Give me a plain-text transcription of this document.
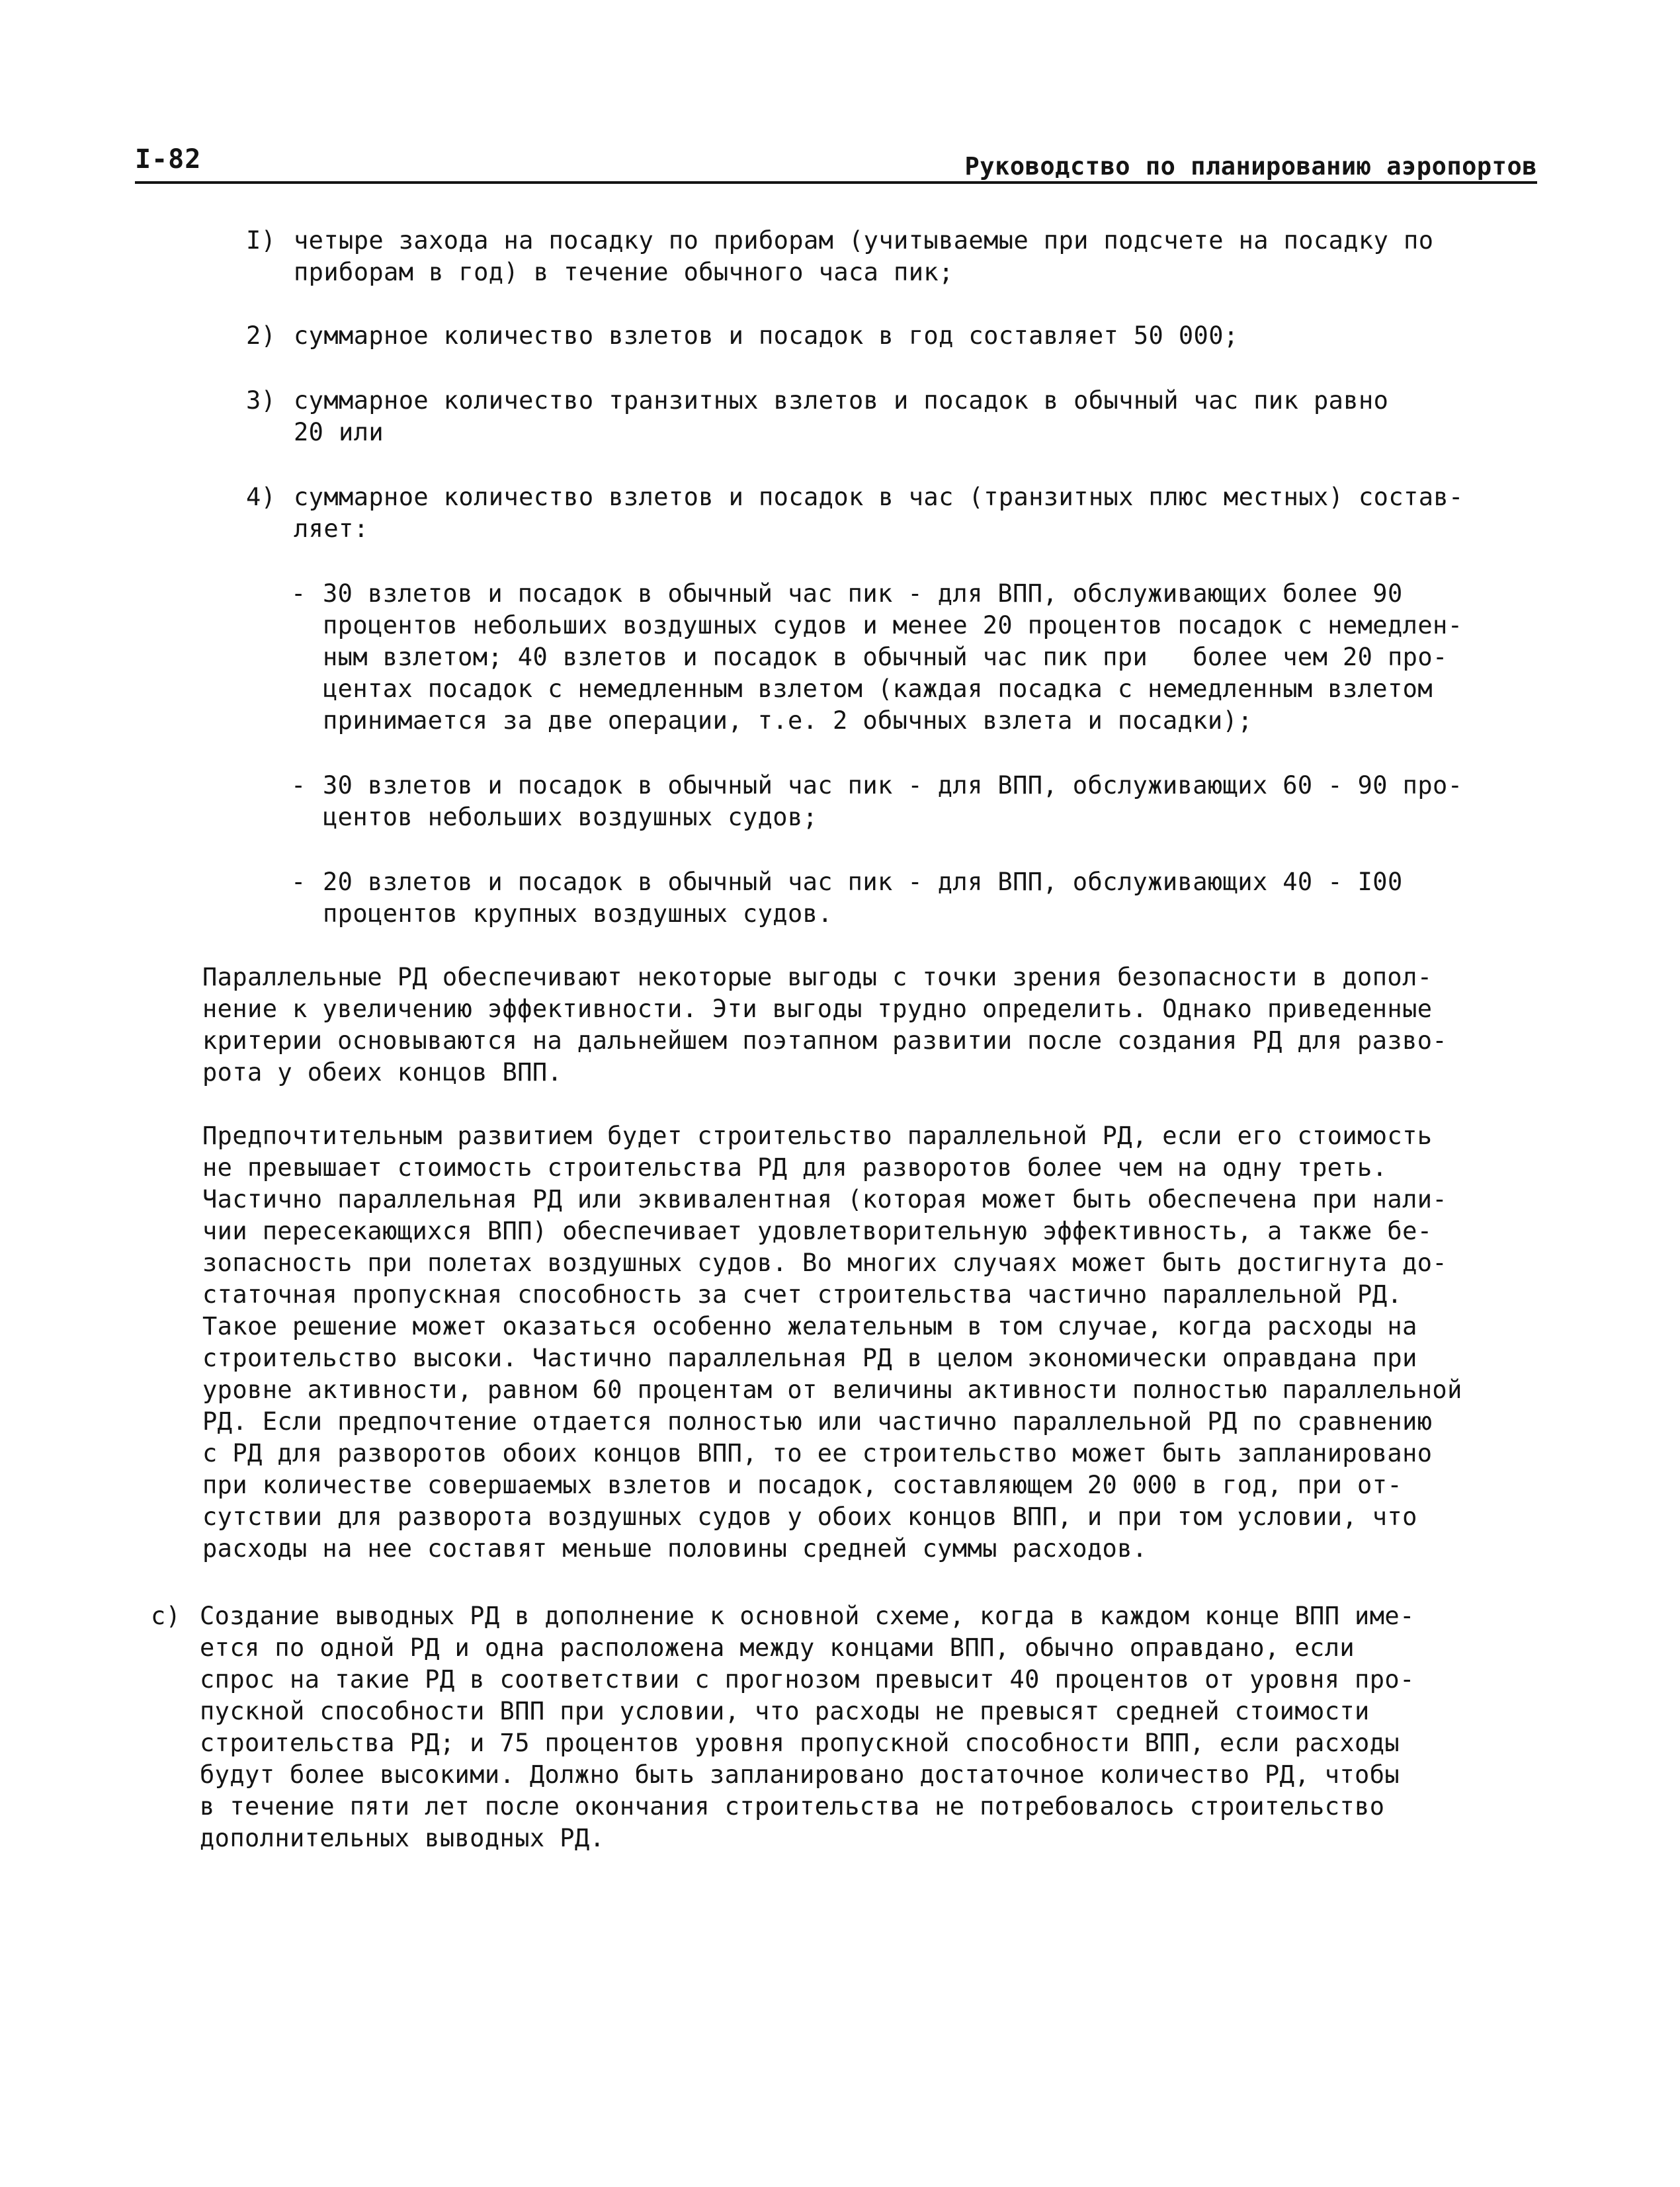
I-82	Руководство по планированию аэропортов
I) четыре захода на посадку по приборам (учитываемые при подсчете на посадку по
приборам в год) в течение обычного часа пик;
2) суммарное количество взлетов и посадок в год составляет 50 000;
3) суммарное количество транзитных взлетов и посадок в обычный час пик равно
20 или
4) суммарное количество взлетов и посадок в час (транзитных плюс местных) состав-
ляет:
- 30 взлетов и посадок в обычный час пик - для ВПП, обслуживающих более 90
процентов небольших воздушных судов и менее 20 процентов посадок с немедлен-
ным взлетом; 40 взлетов и посадок в обычный час пик при   более чем 20 про-
центах посадок с немедленным взлетом (каждая посадка с немедленным взлетом
принимается за две операции, т.е. 2 обычных взлета и посадки);
- 30 взлетов и посадок в обычный час пик - для ВПП, обслуживающих 60 - 90 про-
центов небольших воздушных судов;
- 20 взлетов и посадок в обычный час пик - для ВПП, обслуживающих 40 - I00
процентов крупных воздушных судов.
Параллельные РД обеспечивают некоторые выгоды с точки зрения безопасности в допол-
нение к увеличению эффективности. Эти выгоды трудно определить. Однако приведенные
критерии основываются на дальнейшем поэтапном развитии после создания РД для разво-
рота у обеих концов ВПП.
Предпочтительным развитием будет строительство параллельной РД, если его стоимость
не превышает стоимость строительства РД для разворотов более чем на одну треть.
Частично параллельная РД или эквивалентная (которая может быть обеспечена при нали-
чии пересекающихся ВПП) обеспечивает удовлетворительную эффективность, а также бе-
зопасность при полетах воздушных судов. Во многих случаях может быть достигнута до-
статочная пропускная способность за счет строительства частично параллельной РД.
Такое решение может оказаться особенно желательным в том случае, когда расходы на
строительство высоки. Частично параллельная РД в целом экономически оправдана при
уровне активности, равном 60 процентам от величины активности полностью параллельной
РД. Если предпочтение отдается полностью или частично параллельной РД по сравнению
с РД для разворотов обоих концов ВПП, то ее строительство может быть запланировано
при количестве совершаемых взлетов и посадок, составляющем 20 000 в год, при от-
сутствии для разворота воздушных судов у обоих концов ВПП, и при том условии, что
расходы на нее составят меньше половины средней суммы расходов.
c) Создание выводных РД в дополнение к основной схеме, когда в каждом конце ВПП име-
ется по одной РД и одна расположена между концами ВПП, обычно оправдано, если
спрос на такие РД в соответствии с прогнозом превысит 40 процентов от уровня про-
пускной способности ВПП при условии, что расходы не превысят средней стоимости
строительства РД; и 75 процентов уровня пропускной способности ВПП, если расходы
будут более высокими. Должно быть запланировано достаточное количество РД, чтобы
в течение пяти лет после окончания строительства не потребовалось строительство
дополнительных выводных РД.
